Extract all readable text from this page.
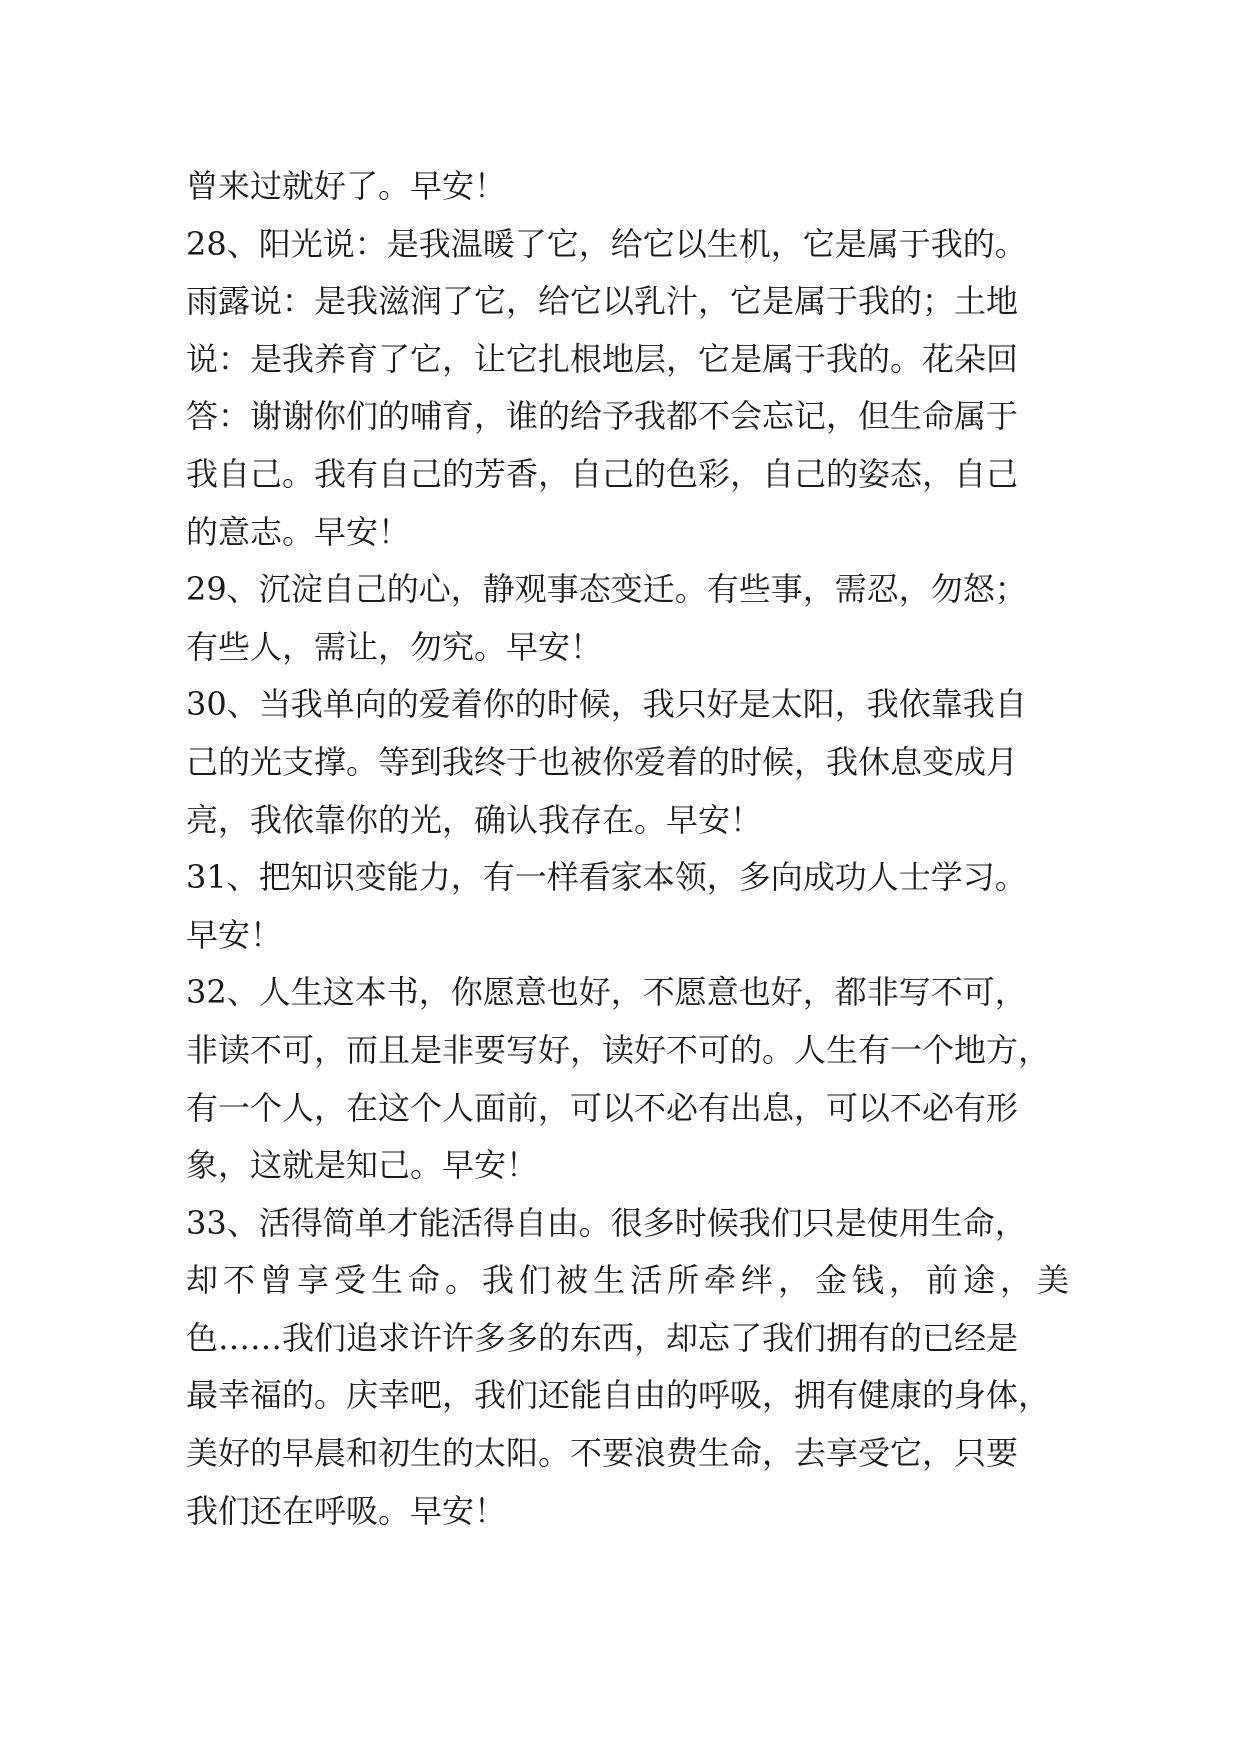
曾来过就好了。早安！
28、阳光说：是我温暖了它，给它以生机，它是属于我的。
雨露说：是我滋润了它，给它以乳汁，它是属于我的；土地
说：是我养育了它，让它扎根地层，它是属于我的。花朵回
答：谢谢你们的哺育，谁的给予我都不会忘记，但生命属于
我自己。我有自己的芳香，自己的色彩，自己的姿态，自己
的意志。早安！
29、沉淀自己的心，静观事态变迁。有些事，需忍，勿怒；
有些人，需让，勿究。早安！
30、当我单向的爱着你的时候，我只好是太阳，我依靠我自
己的光支撑。等到我终于也被你爱着的时候，我休息变成月
亮，我依靠你的光，确认我存在。早安！
31、把知识变能力，有一样看家本领，多向成功人士学习。
早安！
32、人生这本书，你愿意也好，不愿意也好，都非写不可，
非读不可，而且是非要写好，读好不可的。人生有一个地方，
有一个人，在这个人面前，可以不必有出息，可以不必有形
象，这就是知己。早安！
33、活得简单才能活得自由。很多时候我们只是使用生命，
却不曾享受生命。我们被生活所牵绊，金钱，前途，美
色……我们追求许许多多的东西，却忘了我们拥有的已经是
最幸福的。庆幸吧，我们还能自由的呼吸，拥有健康的身体，
美好的早晨和初生的太阳。不要浪费生命，去享受它，只要
我们还在呼吸。早安！
